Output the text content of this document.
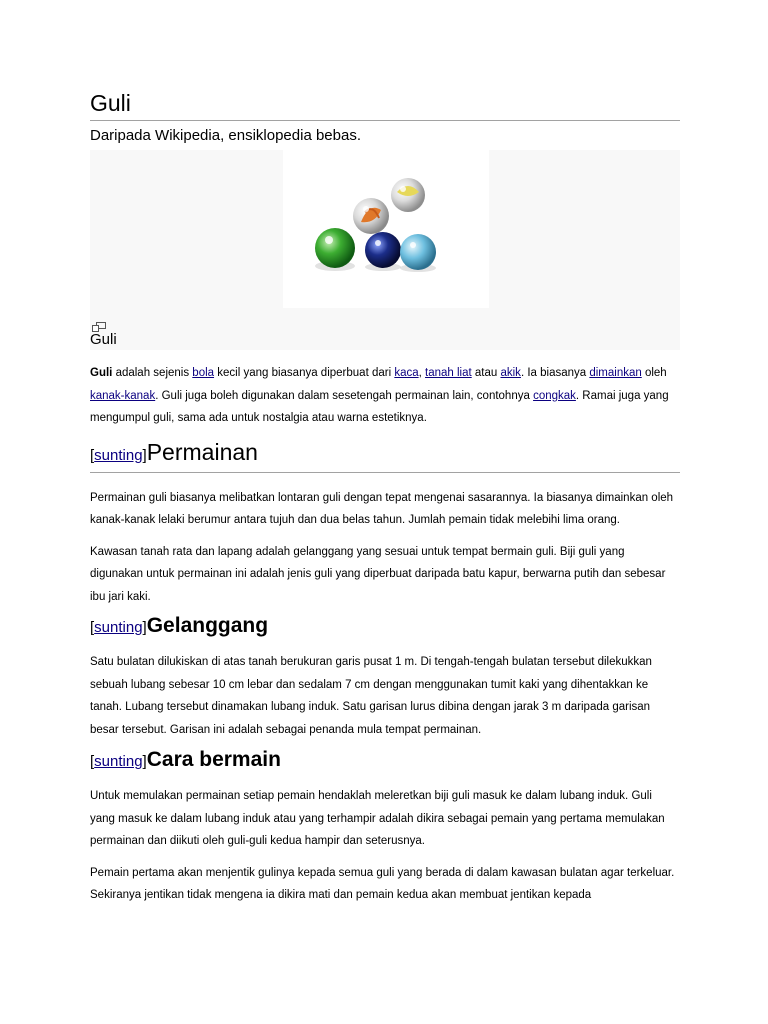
Guli
Daripada Wikipedia, ensiklopedia bebas.
Guli

Guli adalah sejenis bola kecil yang biasanya diperbuat dari kaca, tanah liat atau akik. Ia biasanya dimainkan oleh kanak-kanak. Guli juga boleh digunakan dalam sesetengah permainan lain, contohnya congkak. Ramai juga yang mengumpul guli, sama ada untuk nostalgia atau warna estetiknya.

[sunting]Permainan

Permainan guli biasanya melibatkan lontaran guli dengan tepat mengenai sasarannya. Ia biasanya dimainkan oleh kanak-kanak lelaki berumur antara tujuh dan dua belas tahun. Jumlah pemain tidak melebihi lima orang.

Kawasan tanah rata dan lapang adalah gelanggang yang sesuai untuk tempat bermain guli. Biji guli yang digunakan untuk permainan ini adalah jenis guli yang diperbuat daripada batu kapur, berwarna putih dan sebesar ibu jari kaki.

[sunting]Gelanggang

Satu bulatan dilukiskan di atas tanah berukuran garis pusat 1 m. Di tengah-tengah bulatan tersebut dilekukkan sebuah lubang sebesar 10 cm lebar dan sedalam 7 cm dengan menggunakan tumit kaki yang dihentakkan ke tanah. Lubang tersebut dinamakan lubang induk. Satu garisan lurus dibina dengan jarak 3 m daripada garisan besar tersebut. Garisan ini adalah sebagai penanda mula tempat permainan.

[sunting]Cara bermain

Untuk memulakan permainan setiap pemain hendaklah meleretkan biji guli masuk ke dalam lubang induk. Guli yang masuk ke dalam lubang induk atau yang terhampir adalah dikira sebagai pemain yang pertama memulakan permainan dan diikuti oleh guli-guli kedua hampir dan seterusnya.

Pemain pertama akan menjentik gulinya kepada semua guli yang berada di dalam kawasan bulatan agar terkeluar. Sekiranya jentikan tidak mengena ia dikira mati dan pemain kedua akan membuat jentikan kepada
